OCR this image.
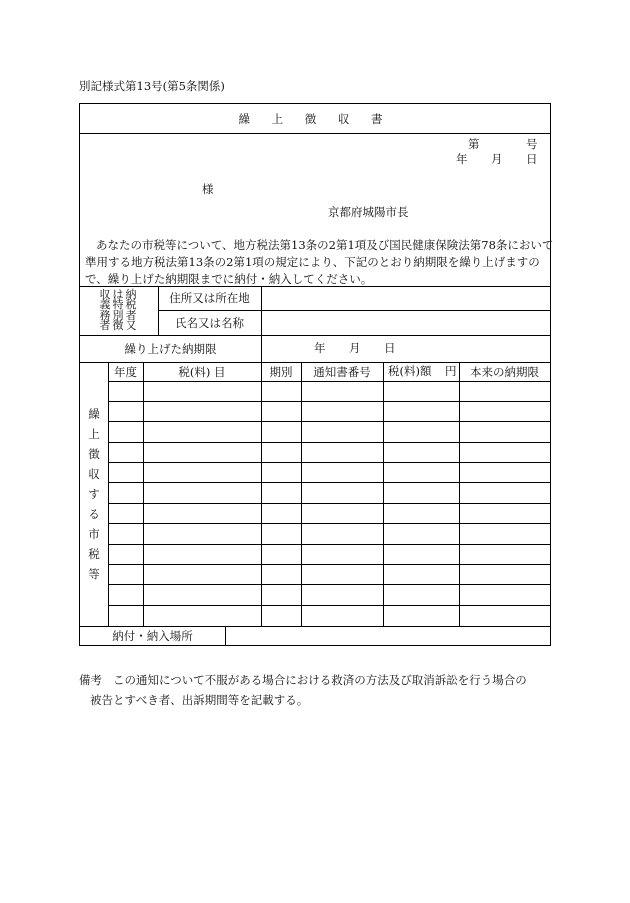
別記様式第13号(第5条関係)
繰 上 徴 収 書
第	号
年 月 日
様
京都府城陽市長
あなたの市税等について、地方税法第13条の2第1項及び国民健康保険法第78条において
準用する地方税法第13条の2第1項の規定により、下記のとおり納期限を繰り上げますの
で、繰り上げた納期限までに納付・納入してください。
収は納
義特税
務別者
者徴又
住所又は所在地
氏名又は名称
繰り上げた納期限	年 月 日
繰
上
徴
収
す
る
市
税
等
年度	税(料) 目	期別	通知書番号	税(料)額 円	本来の納期限
納付・納入場所
備考 この通知について不服がある場合における救済の方法及び取消訴訟を行う場合の
被告とすべき者、出訴期間等を記載する。
